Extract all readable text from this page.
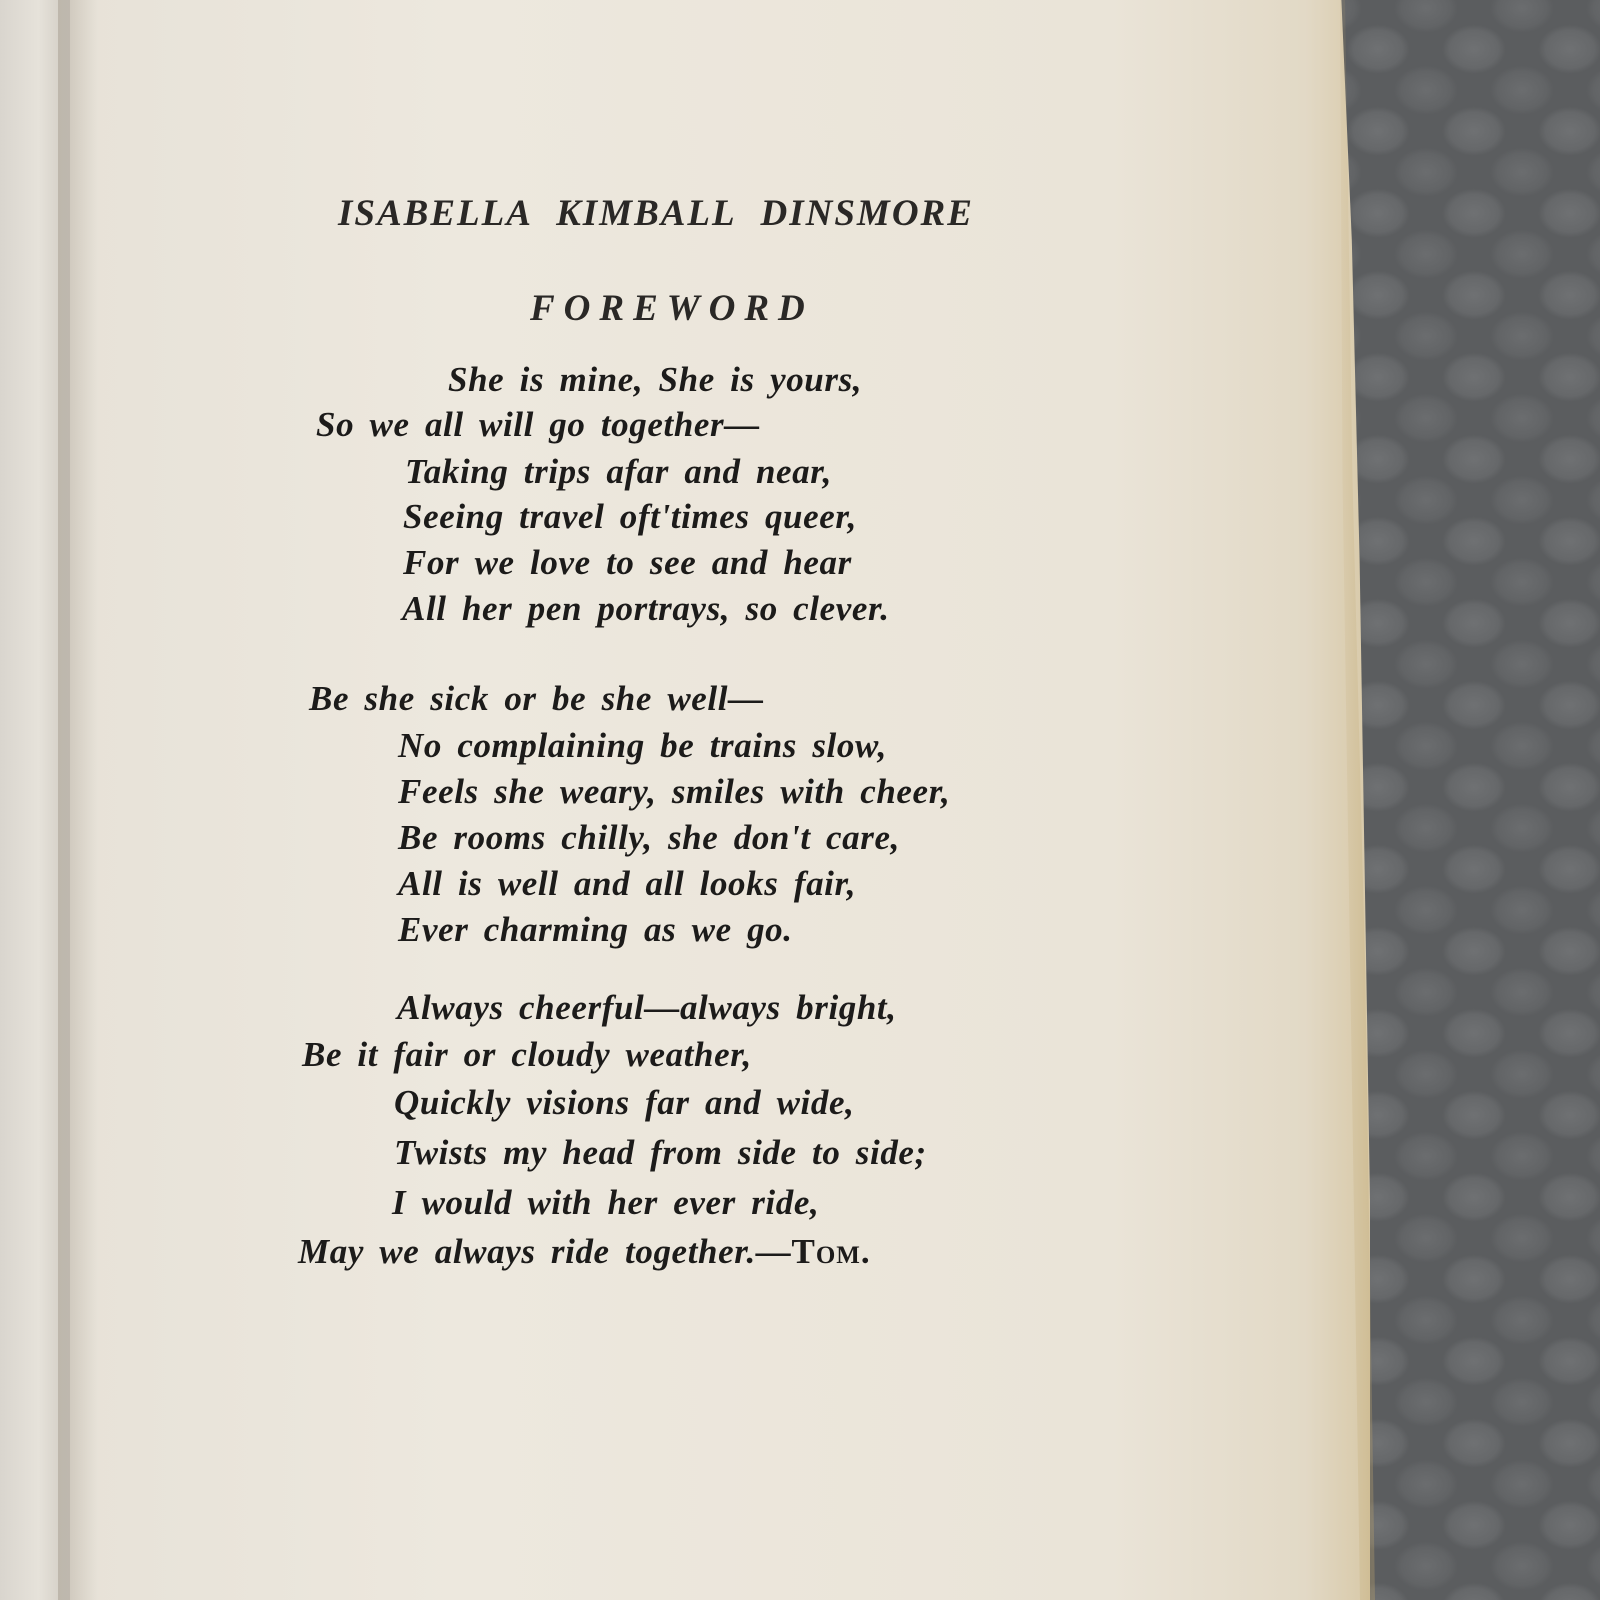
ISABELLA KIMBALL DINSMORE
FOREWORD
She is mine, She is yours,
So we all will go together—
Taking trips afar and near,
Seeing travel oft'times queer,
For we love to see and hear
All her pen portrays, so clever.
Be she sick or be she well—
No complaining be trains slow,
Feels she weary, smiles with cheer,
Be rooms chilly, she don't care,
All is well and all looks fair,
Ever charming as we go.
Always cheerful—always bright,
Be it fair or cloudy weather,
Quickly visions far and wide,
Twists my head from side to side;
I would with her ever ride,
May we always ride together.—Tom.
